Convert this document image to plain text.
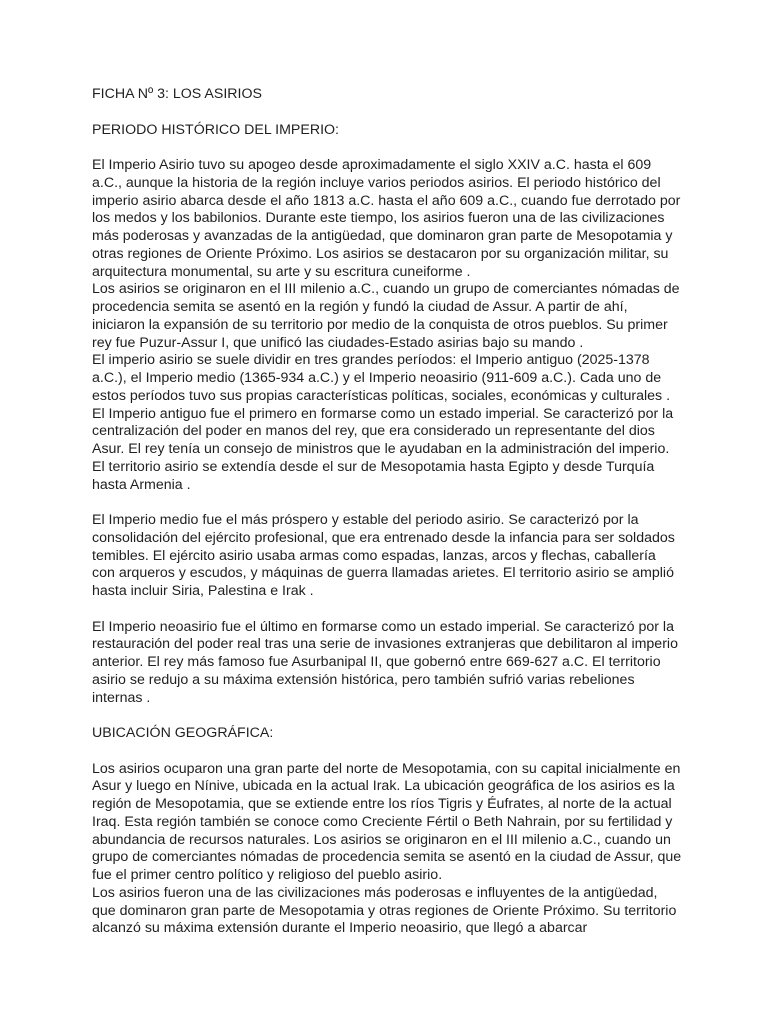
FICHA Nº 3: LOS ASIRIOS

PERIODO HISTÓRICO DEL IMPERIO:

El Imperio Asirio tuvo su apogeo desde aproximadamente el siglo XXIV a.C. hasta el 609 a.C., aunque la historia de la región incluye varios periodos asirios. El periodo histórico del imperio asirio abarca desde el año 1813 a.C. hasta el año 609 a.C., cuando fue derrotado por los medos y los babilonios. Durante este tiempo, los asirios fueron una de las civilizaciones más poderosas y avanzadas de la antigüedad, que dominaron gran parte de Mesopotamia y otras regiones de Oriente Próximo. Los asirios se destacaron por su organización militar, su arquitectura monumental, su arte y su escritura cuneiforme .

Los asirios se originaron en el III milenio a.C., cuando un grupo de comerciantes nómadas de procedencia semita se asentó en la región y fundó la ciudad de Assur. A partir de ahí, iniciaron la expansión de su territorio por medio de la conquista de otros pueblos. Su primer rey fue Puzur-Assur I, que unificó las ciudades-Estado asirias bajo su mando .

El imperio asirio se suele dividir en tres grandes períodos: el Imperio antiguo (2025-1378 a.C.), el Imperio medio (1365-934 a.C.) y el Imperio neoasirio (911-609 a.C.). Cada uno de estos períodos tuvo sus propias características políticas, sociales, económicas y culturales .

El Imperio antiguo fue el primero en formarse como un estado imperial. Se caracterizó por la centralización del poder en manos del rey, que era considerado un representante del dios Asur. El rey tenía un consejo de ministros que le ayudaban en la administración del imperio. El territorio asirio se extendía desde el sur de Mesopotamia hasta Egipto y desde Turquía hasta Armenia .

El Imperio medio fue el más próspero y estable del periodo asirio. Se caracterizó por la consolidación del ejército profesional, que era entrenado desde la infancia para ser soldados temibles. El ejército asirio usaba armas como espadas, lanzas, arcos y flechas, caballería con arqueros y escudos, y máquinas de guerra llamadas arietes. El territorio asirio se amplió hasta incluir Siria, Palestina e Irak .

El Imperio neoasirio fue el último en formarse como un estado imperial. Se caracterizó por la restauración del poder real tras una serie de invasiones extranjeras que debilitaron al imperio anterior. El rey más famoso fue Asurbanipal II, que gobernó entre 669-627 a.C. El territorio asirio se redujo a su máxima extensión histórica, pero también sufrió varias rebeliones internas .

UBICACIÓN GEOGRÁFICA:

Los asirios ocuparon una gran parte del norte de Mesopotamia, con su capital inicialmente en Asur y luego en Nínive, ubicada en la actual Irak. La ubicación geográfica de los asirios es la región de Mesopotamia, que se extiende entre los ríos Tigris y Éufrates, al norte de la actual Iraq. Esta región también se conoce como Creciente Fértil o Beth Nahrain, por su fertilidad y abundancia de recursos naturales. Los asirios se originaron en el III milenio a.C., cuando un grupo de comerciantes nómadas de procedencia semita se asentó en la ciudad de Assur, que fue el primer centro político y religioso del pueblo asirio.

Los asirios fueron una de las civilizaciones más poderosas e influyentes de la antigüedad, que dominaron gran parte de Mesopotamia y otras regiones de Oriente Próximo. Su territorio alcanzó su máxima extensión durante el Imperio neoasirio, que llegó a abarcar
